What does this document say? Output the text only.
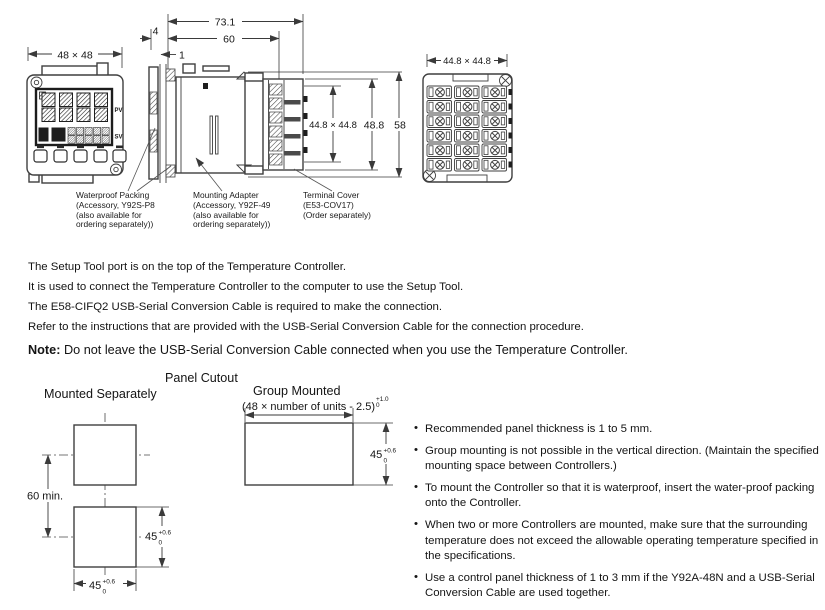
48 × 48
PV
SV
73.1
60
4
1
44.8 × 44.8 48.8 58
44.8 × 44.8
60 min.
45 +0.6
0
45 +0.6
0
45 +0.6
0
Waterproof Packing
(Accessory, Y92S-P8
(also available for
ordering separately))
Mounting Adapter
(Accessory, Y92F-49
(also available for
ordering separately))
Terminal Cover
(E53-COV17)
(Order separately)
The Setup Tool port is on the top of the Temperature Controller.
It is used to connect the Temperature Controller to the computer to use the Setup Tool.
The E58-CIFQ2 USB-Serial Conversion Cable is required to make the connection.
Refer to the instructions that are provided with the USB-Serial Conversion Cable for the connection procedure.
Note: Do not leave the USB-Serial Conversion Cable connected when you use the Temperature Controller.
Panel Cutout
Mounted Separately	Group Mounted
(48 × number of units - 2.5)
+1.0
0
• Recommended panel thickness is 1 to 5 mm.
• Group mounting is not possible in the vertical direction. (Maintain the specified mounting space between Controllers.)
• To mount the Controller so that it is waterproof, insert the water-proof packing onto the Controller.
• When two or more Controllers are mounted, make sure that the surrounding temperature does not exceed the allowable operating temperature specified in the specifications.
• Use a control panel thickness of 1 to 3 mm if the Y92A-48N and a USB-Serial Conversion Cable are used together.
